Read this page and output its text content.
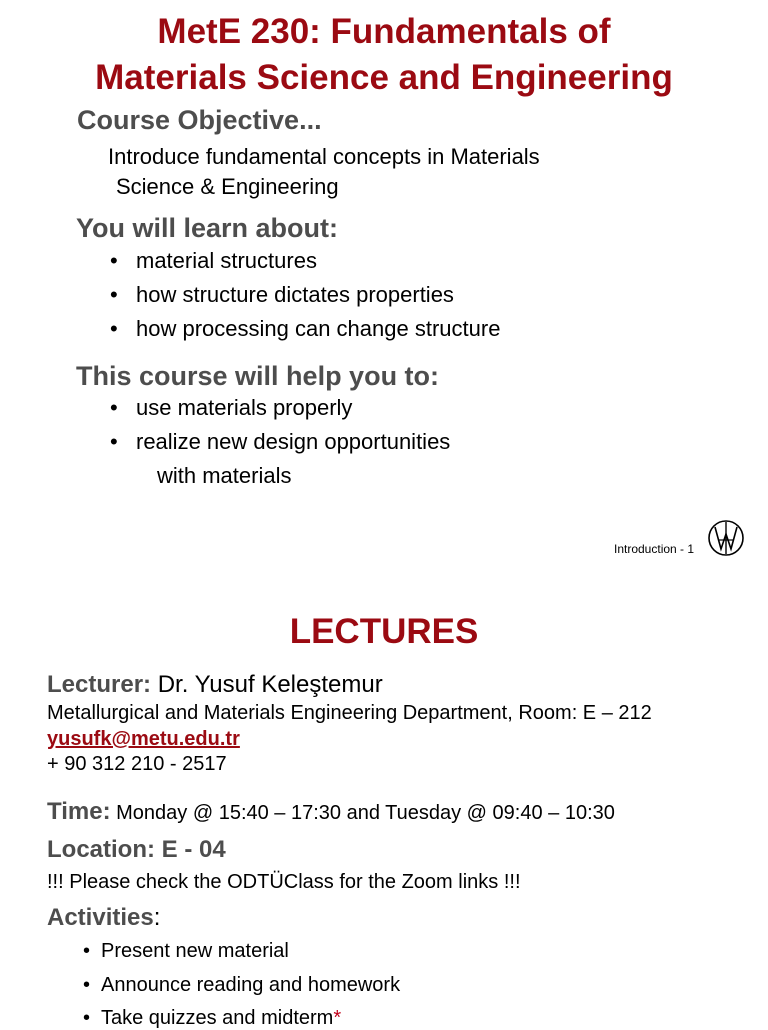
MetE 230: Fundamentals of
Materials Science and Engineering
Course Objective...
Introduce fundamental concepts in Materials
Science & Engineering
You will learn about:
• material structures
• how structure dictates properties
• how processing can change structure
This course will help you to:
• use materials properly
• realize new design opportunities
with materials
Introduction - 1
LECTURES
Lecturer: Dr. Yusuf Keleştemur
Metallurgical and Materials Engineering Department, Room: E – 212
yusufk@metu.edu.tr
+ 90 312 210 - 2517
Time: Monday @ 15:40 – 17:30 and Tuesday @ 09:40 – 10:30
Location: E - 04
!!! Please check the ODTÜClass for the Zoom links !!!
Activities:
• Present new material
• Announce reading and homework
• Take quizzes and midterm*
